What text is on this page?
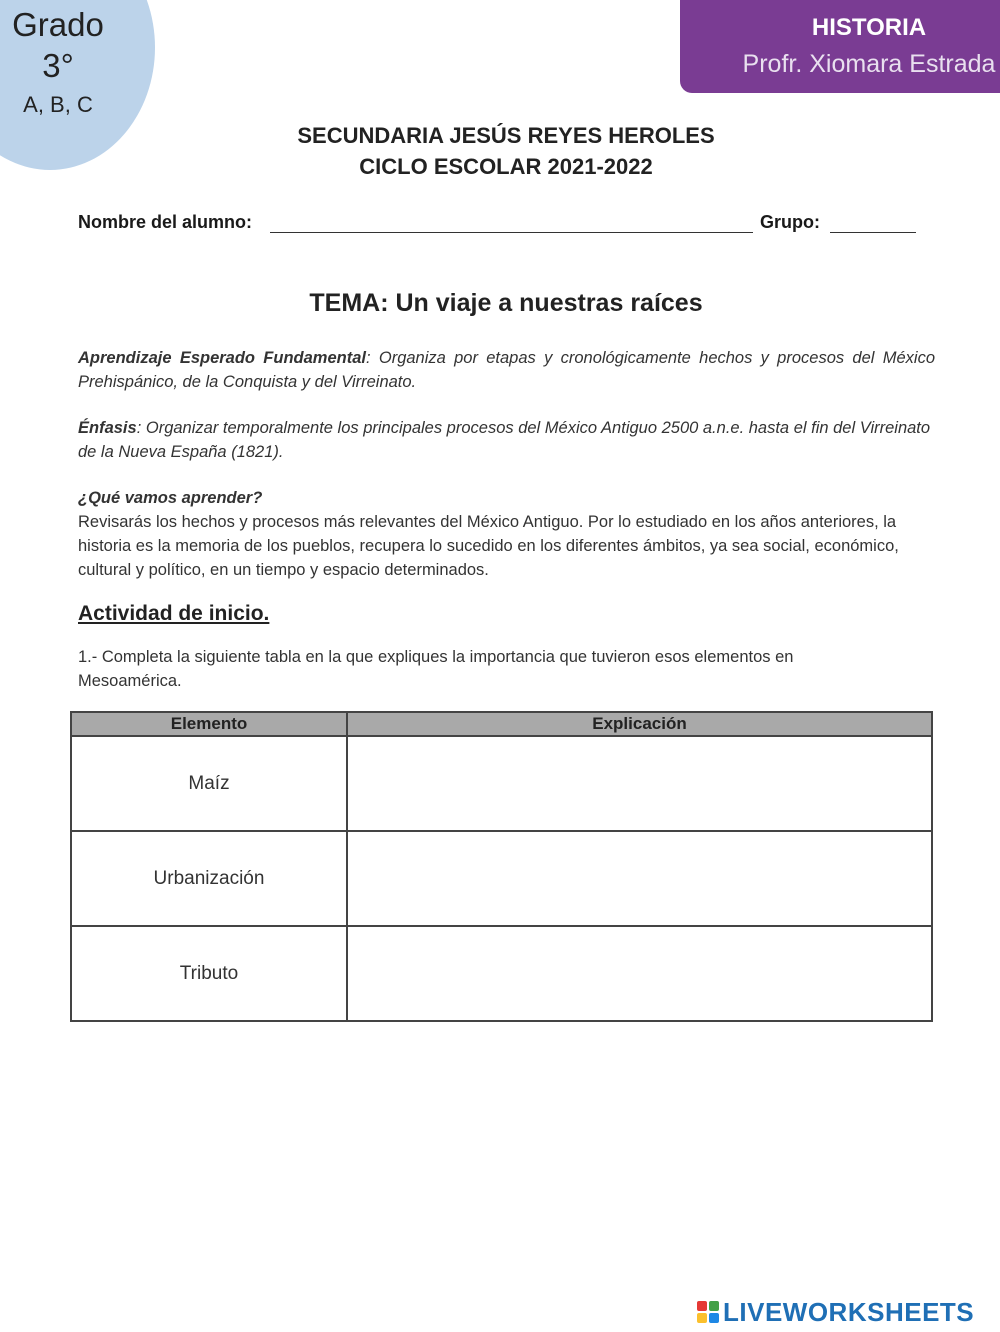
Grado
3°
A, B, C
HISTORIA
Profr. Xiomara Estrada
SECUNDARIA JESÚS REYES HEROLES
CICLO ESCOLAR 2021-2022
Nombre del alumno:	Grupo:
TEMA: Un viaje a nuestras raíces
Aprendizaje Esperado Fundamental: Organiza por etapas y cronológicamente hechos y procesos del México Prehispánico, de la Conquista y del Virreinato.
Énfasis: Organizar temporalmente los principales procesos del México Antiguo 2500 a.n.e. hasta el fin del Virreinato de la Nueva España (1821).
¿Qué vamos aprender?
Revisarás los hechos y procesos más relevantes del México Antiguo. Por lo estudiado en los años anteriores, la historia es la memoria de los pueblos, recupera lo sucedido en los diferentes ámbitos, ya sea social, económico, cultural y político, en un tiempo y espacio determinados.
Actividad de inicio.
1.- Completa la siguiente tabla en la que expliques la importancia que tuvieron esos elementos en Mesoamérica.
Elemento	Explicación
Maíz	
Urbanización	
Tributo	
LIVEWORKSHEETS
